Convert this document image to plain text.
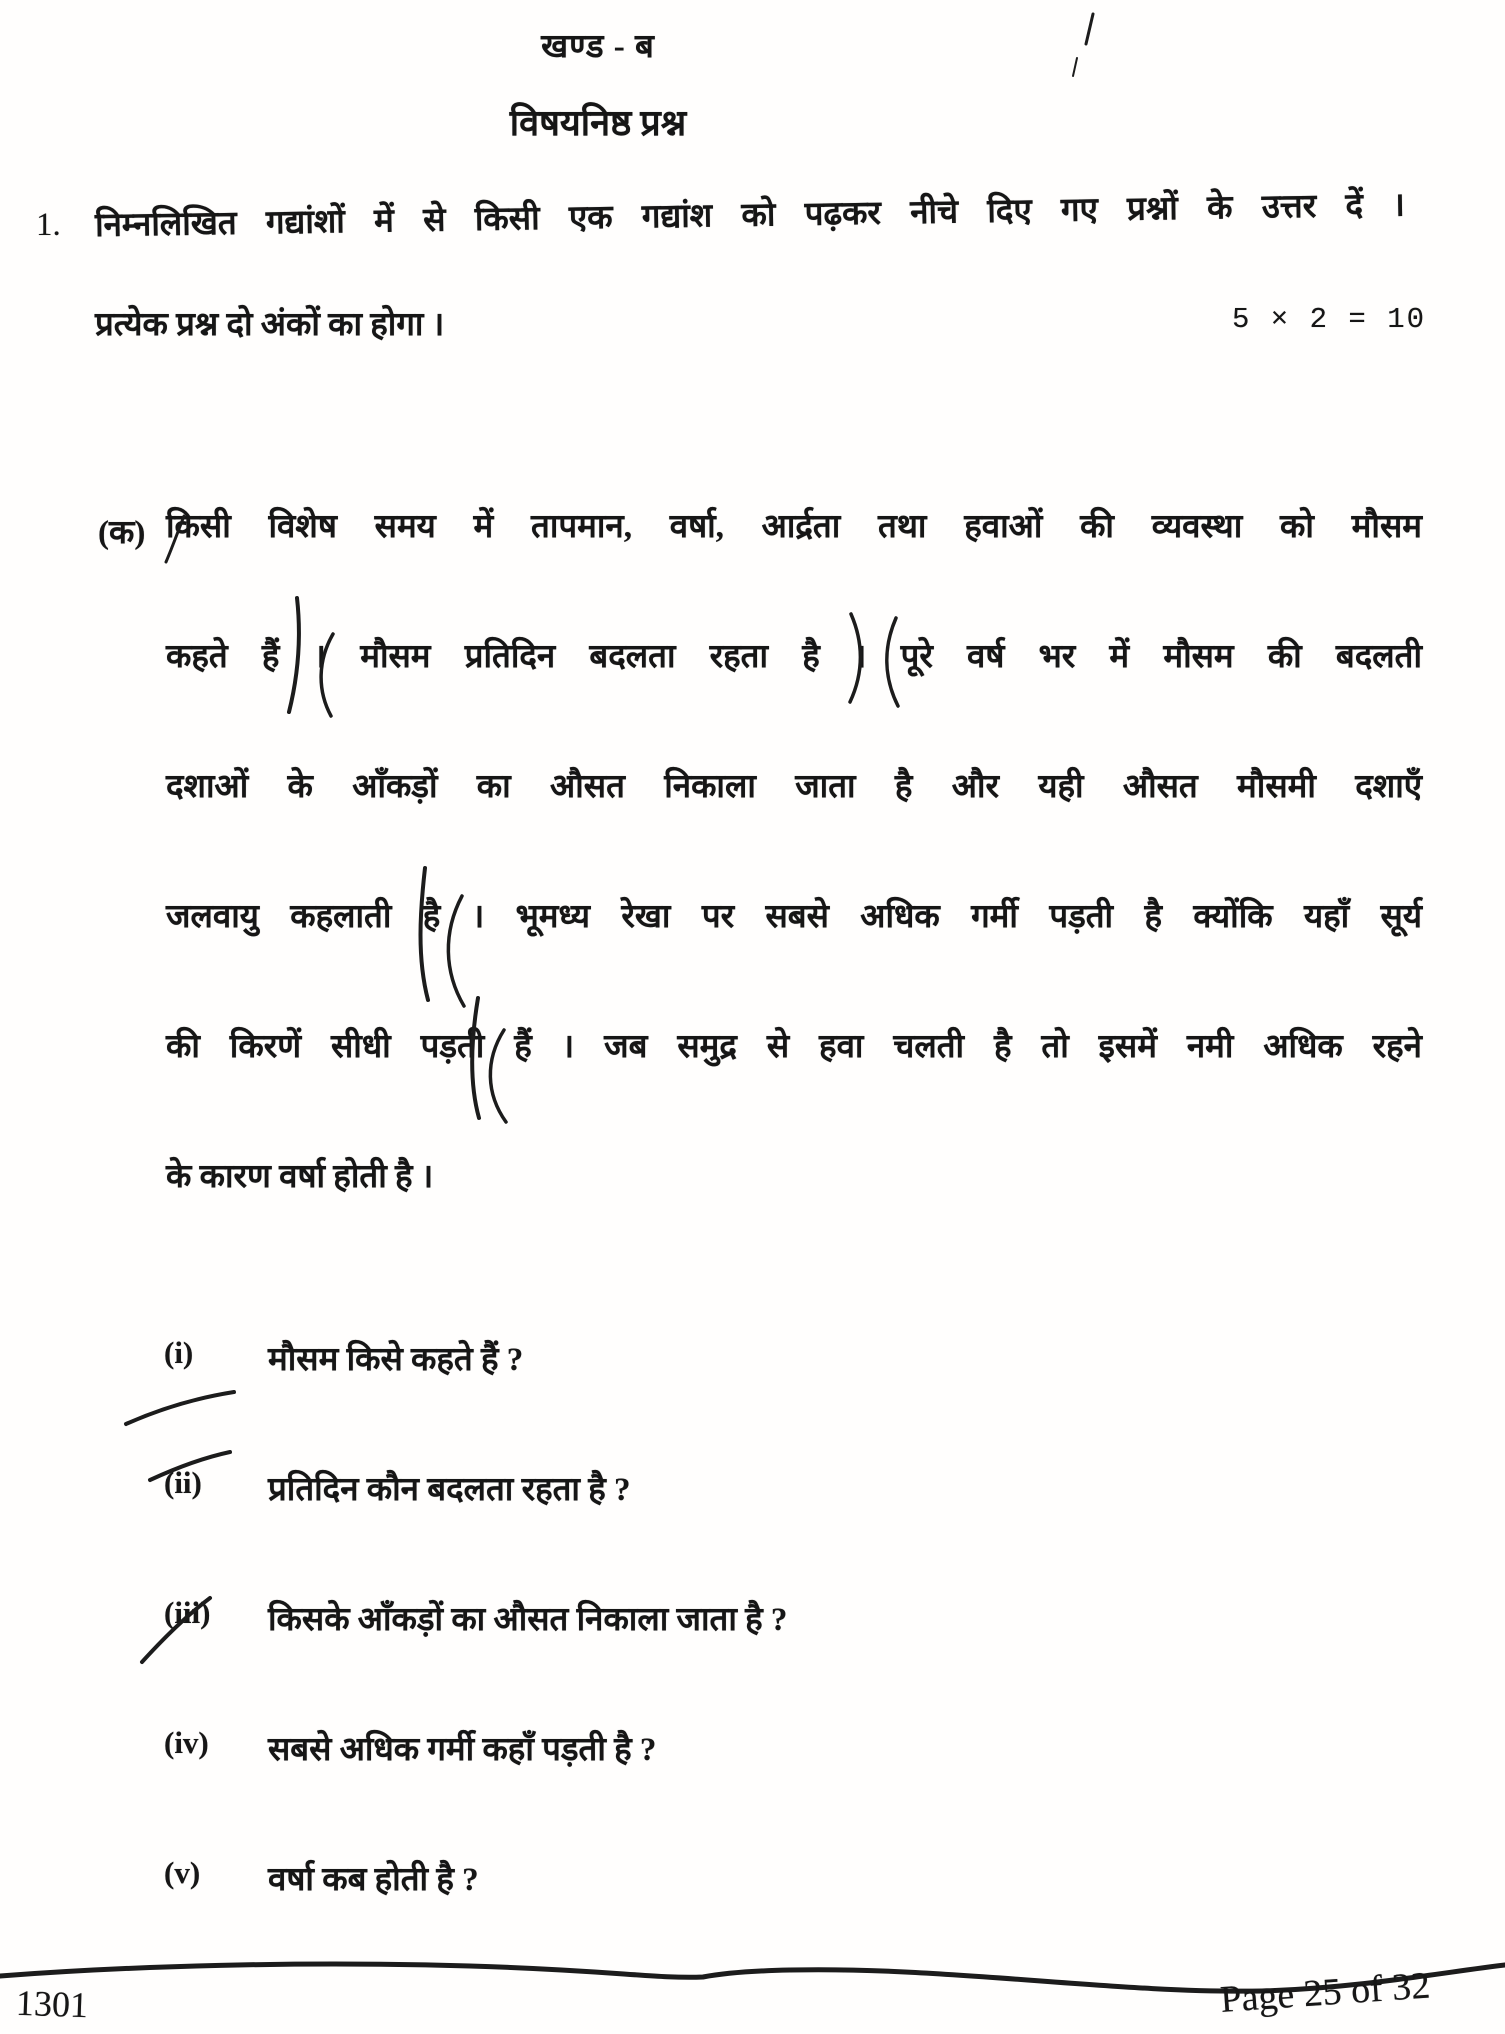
खण्ड - ब
विषयनिष्ठ प्रश्न
1. निम्नलिखित गद्यांशों में से किसी एक गद्यांश को पढ़कर नीचे दिए गए प्रश्नों के उत्तर दें ।
प्रत्येक प्रश्न दो अंकों का होगा ।	5 × 2 = 10
(क) किसी विशेष समय में तापमान, वर्षा, आर्द्रता तथा हवाओं की व्यवस्था को मौसम
कहते हैं । मौसम प्रतिदिन बदलता रहता है । पूरे वर्ष भर में मौसम की बदलती
दशाओं के आँकड़ों का औसत निकाला जाता है और यही औसत मौसमी दशाएँ
जलवायु कहलाती है । भूमध्य रेखा पर सबसे अधिक गर्मी पड़ती है क्योंकि यहाँ सूर्य
की किरणें सीधी पड़ती हैं । जब समुद्र से हवा चलती है तो इसमें नमी अधिक रहने
के कारण वर्षा होती है ।
(i)	मौसम किसे कहते हैं ?
(ii)	प्रतिदिन कौन बदलता रहता है ?
(iii)	किसके आँकड़ों का औसत निकाला जाता है ?
(iv)	सबसे अधिक गर्मी कहाँ पड़ती है ?
(v)	वर्षा कब होती है ?
1301	Page 25 of 32
